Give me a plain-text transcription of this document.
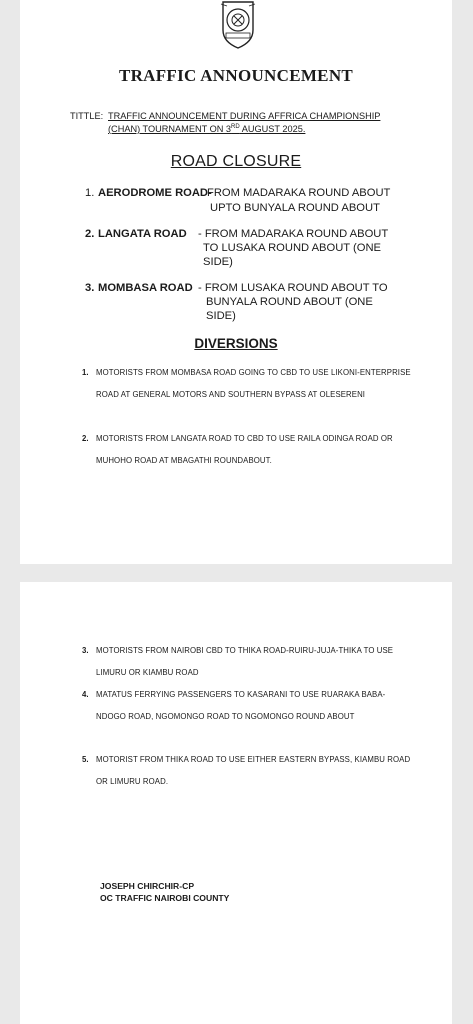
TRAFFIC ANNOUNCEMENT
TITTLE: TRAFFIC ANNOUNCEMENT DURING AFFRICA CHAMPIONSHIP (CHAN) TOURNAMENT ON 3RD AUGUST 2025.
ROAD CLOSURE
1. AERODROME ROAD-
FROM MADARAKA ROUND ABOUT
UPTO BUNYALA ROUND ABOUT
2. LANGATA ROAD - FROM MADARAKA ROUND ABOUT
TO LUSAKA ROUND ABOUT (ONE
SIDE)
3. MOMBASA ROAD - FROM LUSAKA ROUND ABOUT TO
BUNYALA ROUND ABOUT (ONE
SIDE)
DIVERSIONS
1. MOTORISTS FROM MOMBASA ROAD GOING TO CBD TO USE LIKONI-ENTERPRISE ROAD AT GENERAL MOTORS AND SOUTHERN BYPASS AT OLESERENI
2. MOTORISTS FROM LANGATA ROAD TO CBD TO USE RAILA ODINGA ROAD OR MUHOHO ROAD AT MBAGATHI ROUNDABOUT.
3. MOTORISTS FROM NAIROBI CBD TO THIKA ROAD-RUIRU-JUJA-THIKA TO USE LIMURU OR KIAMBU ROAD
4. MATATUS FERRYING PASSENGERS TO KASARANI TO USE RUARAKA BABA-NDOGO ROAD, NGOMONGO ROAD TO NGOMONGO ROUND ABOUT
5. MOTORIST FROM THIKA ROAD TO USE EITHER EASTERN BYPASS, KIAMBU ROAD OR LIMURU ROAD.
JOSEPH CHIRCHIR-CP
OC TRAFFIC NAIROBI COUNTY
